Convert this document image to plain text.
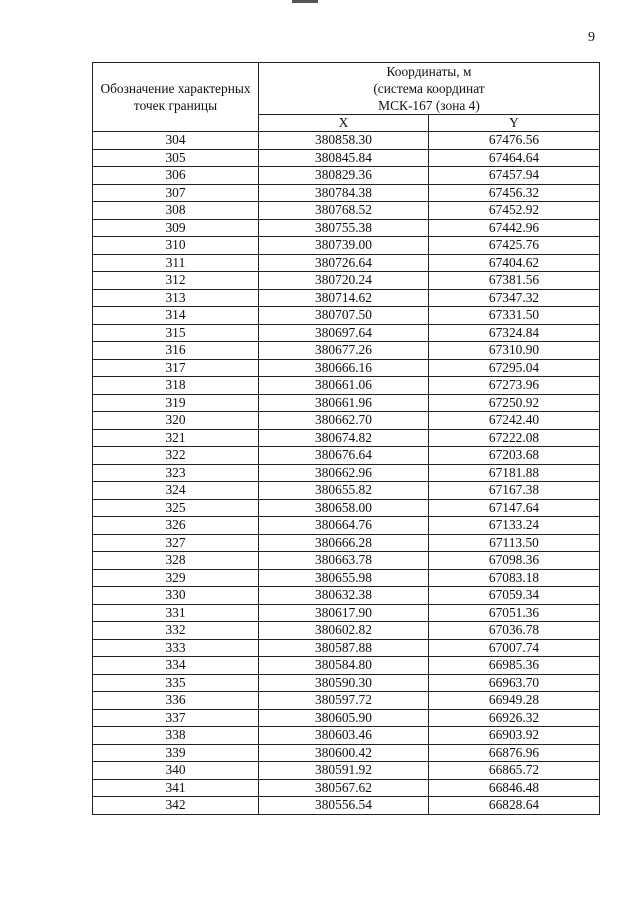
9
Обозначение характерных точек границы	Координаты, м
(система координат
МСК-167 (зона 4)	

	X	Y
304	380858.30	67476.56
305	380845.84	67464.64
306	380829.36	67457.94
307	380784.38	67456.32
308	380768.52	67452.92
309	380755.38	67442.96
310	380739.00	67425.76
311	380726.64	67404.62
312	380720.24	67381.56
313	380714.62	67347.32
314	380707.50	67331.50
315	380697.64	67324.84
316	380677.26	67310.90
317	380666.16	67295.04
318	380661.06	67273.96
319	380661.96	67250.92
320	380662.70	67242.40
321	380674.82	67222.08
322	380676.64	67203.68
323	380662.96	67181.88
324	380655.82	67167.38
325	380658.00	67147.64
326	380664.76	67133.24
327	380666.28	67113.50
328	380663.78	67098.36
329	380655.98	67083.18
330	380632.38	67059.34
331	380617.90	67051.36
332	380602.82	67036.78
333	380587.88	67007.74
334	380584.80	66985.36
335	380590.30	66963.70
336	380597.72	66949.28
337	380605.90	66926.32
338	380603.46	66903.92
339	380600.42	66876.96
340	380591.92	66865.72
341	380567.62	66846.48
342	380556.54	66828.64
